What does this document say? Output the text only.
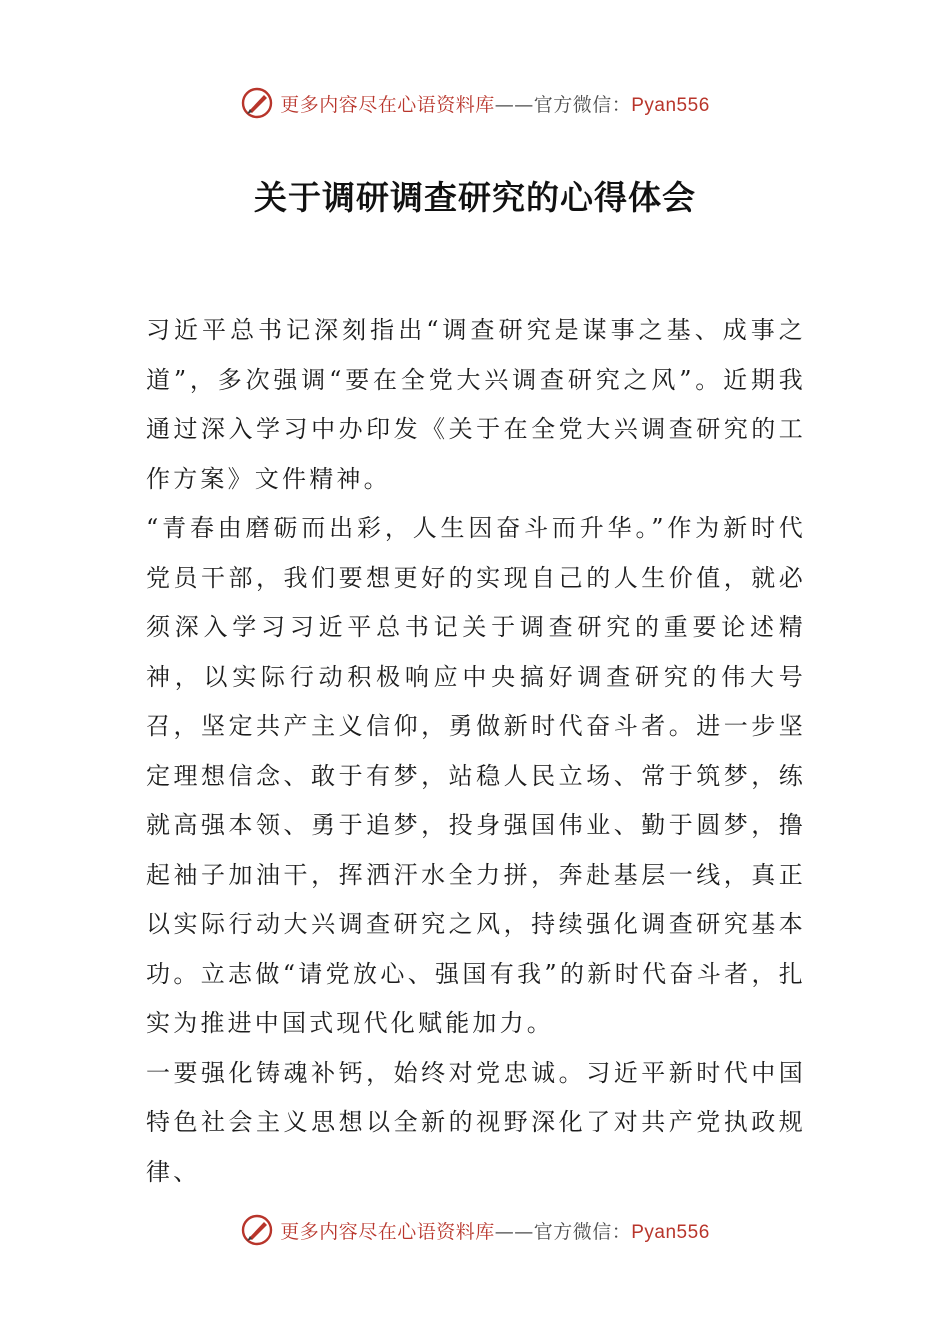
更多内容尽在心语资料库——官方微信：Pyan556
关于调研调查研究的心得体会

习近平总书记深刻指出“调查研究是谋事之基、成事之道”，多次强调“要在全党大兴调查研究之风”。近期我通过深入学习中办印发《关于在全党大兴调查研究的工作方案》文件精神。

“青春由磨砺而出彩，人生因奋斗而升华。”作为新时代党员干部，我们要想更好的实现自己的人生价值，就必须深入学习习近平总书记关于调查研究的重要论述精神，以实际行动积极响应中央搞好调查研究的伟大号召，坚定共产主义信仰，勇做新时代奋斗者。进一步坚定理想信念、敢于有梦，站稳人民立场、常于筑梦，练就高强本领、勇于追梦，投身强国伟业、勤于圆梦，撸起袖子加油干，挥洒汗水全力拼，奔赴基层一线，真正以实际行动大兴调查研究之风，持续强化调查研究基本功。立志做“请党放心、强国有我”的新时代奋斗者，扎实为推进中国式现代化赋能加力。

一要强化铸魂补钙，始终对党忠诚。习近平新时代中国特色社会主义思想以全新的视野深化了对共产党执政规律、

更多内容尽在心语资料库——官方微信：Pyan556
